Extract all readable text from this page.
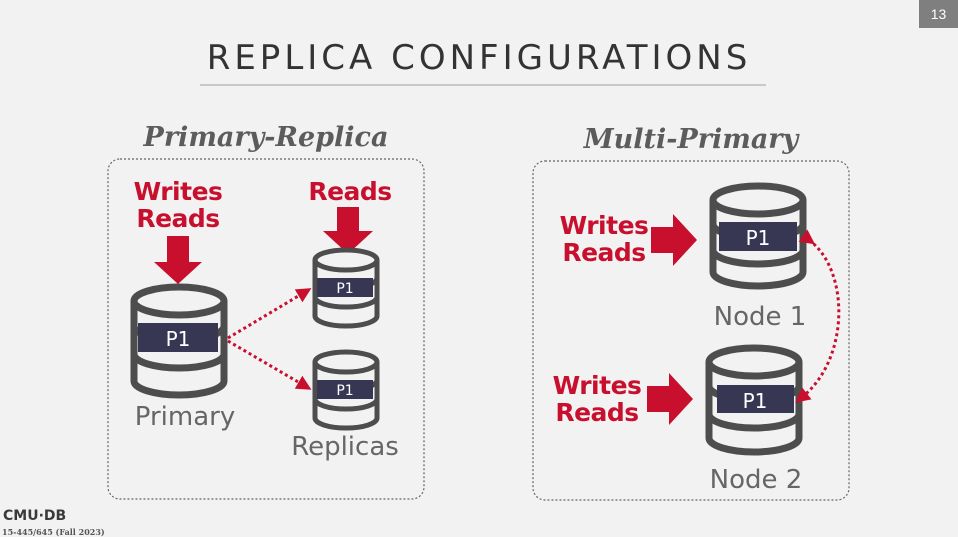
13
REPLICA CONFIGURATIONS
Primary-Replica	Multi-Primary
Writes
Reads
Reads
Primary
Replicas
Writes
Reads
Writes
Reads
Node 1
Node 2
P1
P1
P1
P1
P1
CMU·DB
15-445/645 (Fall 2023)
